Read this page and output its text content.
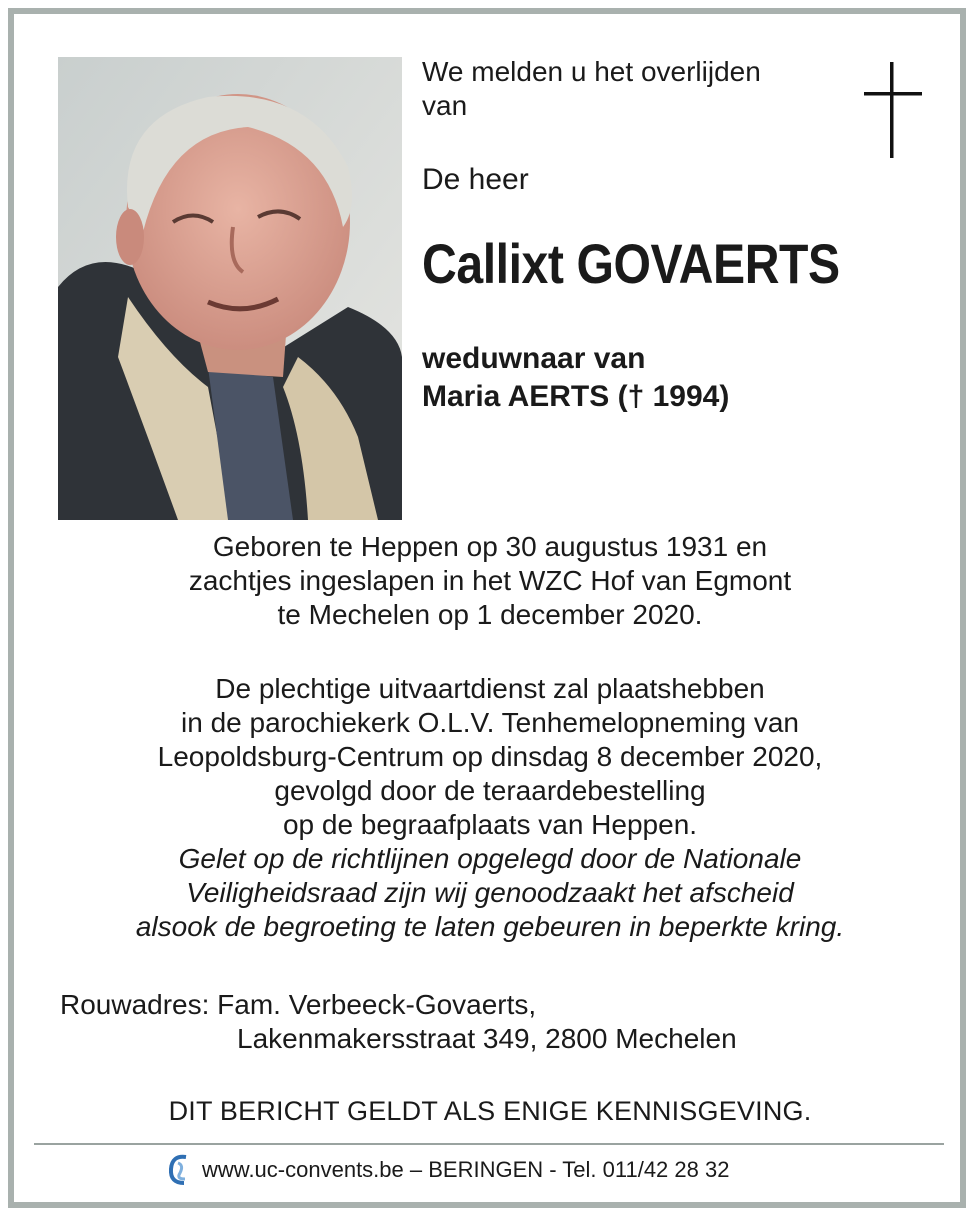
We melden u het overlijden
van
De heer
Callixt GOVAERTS
weduwnaar van
Maria AERTS († 1994)
Geboren te Heppen op 30 augustus 1931 en
zachtjes ingeslapen in het WZC Hof van Egmont
te Mechelen op 1 december 2020.
De plechtige uitvaartdienst zal plaatshebben
in de parochiekerk O.L.V. Tenhemelopneming van
Leopoldsburg-Centrum op dinsdag 8 december 2020,
gevolgd door de teraardebestelling
op de begraafplaats van Heppen.
Gelet op de richtlijnen opgelegd door de Nationale
Veiligheidsraad zijn wij genoodzaakt het afscheid
alsook de begroeting te laten gebeuren in beperkte kring.
Rouwadres: Fam. Verbeeck-Govaerts,
Lakenmakersstraat 349, 2800 Mechelen
DIT BERICHT GELDT ALS ENIGE KENNISGEVING.
www.uc-convents.be – BERINGEN - Tel. 011/42 28 32
